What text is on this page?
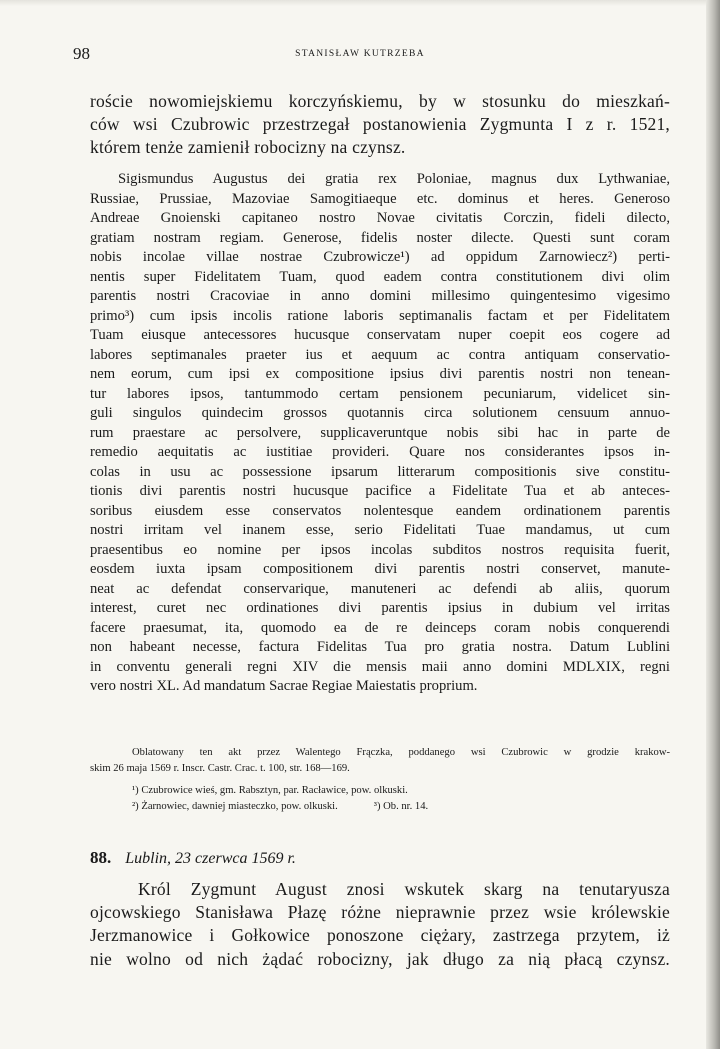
98	STANISŁAW KUTRZEBA
roście nowomiejskiemu korczyńskiemu, by w stosunku do mieszkań-
ców wsi Czubrowic przestrzegał postanowienia Zygmunta I z r. 1521,
którem tenże zamienił robocizny na czynsz.
Sigismundus Augustus dei gratia rex Poloniae, magnus dux Lythwaniae,
Russiae, Prussiae, Mazoviae Samogitiaeque etc. dominus et heres. Generoso
Andreae Gnoienski capitaneo nostro Novae civitatis Corczin, fideli dilecto,
gratiam nostram regiam. Generose, fidelis noster dilecte. Questi sunt coram
nobis incolae villae nostrae Czubrowicze¹) ad oppidum Zarnowiecz²) perti-
nentis super Fidelitatem Tuam, quod eadem contra constitutionem divi olim
parentis nostri Cracoviae in anno domini millesimo quingentesimo vigesimo
primo³) cum ipsis incolis ratione laboris septimanalis factam et per Fidelitatem
Tuam eiusque antecessores hucusque conservatam nuper coepit eos cogere ad
labores septimanales praeter ius et aequum ac contra antiquam conservatio-
nem eorum, cum ipsi ex compositione ipsius divi parentis nostri non tenean-
tur labores ipsos, tantummodo certam pensionem pecuniarum, videlicet sin-
guli singulos quindecim grossos quotannis circa solutionem censuum annuo-
rum praestare ac persolvere, supplicaveruntque nobis sibi hac in parte de
remedio aequitatis ac iustitiae provideri. Quare nos considerantes ipsos in-
colas in usu ac possessione ipsarum litterarum compositionis sive constitu-
tionis divi parentis nostri hucusque pacifice a Fidelitate Tua et ab anteces-
soribus eiusdem esse conservatos nolentesque eandem ordinationem parentis
nostri irritam vel inanem esse, serio Fidelitati Tuae mandamus, ut cum
praesentibus eo nomine per ipsos incolas subditos nostros requisita fuerit,
eosdem iuxta ipsam compositionem divi parentis nostri conservet, manute-
neat ac defendat conservarique, manuteneri ac defendi ab aliis, quorum
interest, curet nec ordinationes divi parentis ipsius in dubium vel irritas
facere praesumat, ita, quomodo ea de re deinceps coram nobis conquerendi
non habeant necesse, factura Fidelitas Tua pro gratia nostra. Datum Lublini
in conventu generali regni XIV die mensis maii anno domini MDLXIX, regni
vero nostri XL. Ad mandatum Sacrae Regiae Maiestatis proprium.
Oblatowany ten akt przez Walentego Frączka, poddanego wsi Czubrowic w grodzie krakow-
skim 26 maja 1569 r. Inscr. Castr. Crac. t. 100, str. 168—169.
¹) Czubrowice wieś, gm. Rabsztyn, par. Racławice, pow. olkuski.
²) Żarnowiec, dawniej miasteczko, pow. olkuski.	³) Ob. nr. 14.
88. Lublin, 23 czerwca 1569 r.
Król Zygmunt August znosi wskutek skarg na tenutaryusza
ojcowskiego Stanisława Płazę różne nieprawnie przez wsie królewskie
Jerzmanowice i Gołkowice ponoszone ciężary, zastrzega przytem, iż
nie wolno od nich żądać robocizny, jak długo za nią płacą czynsz.
